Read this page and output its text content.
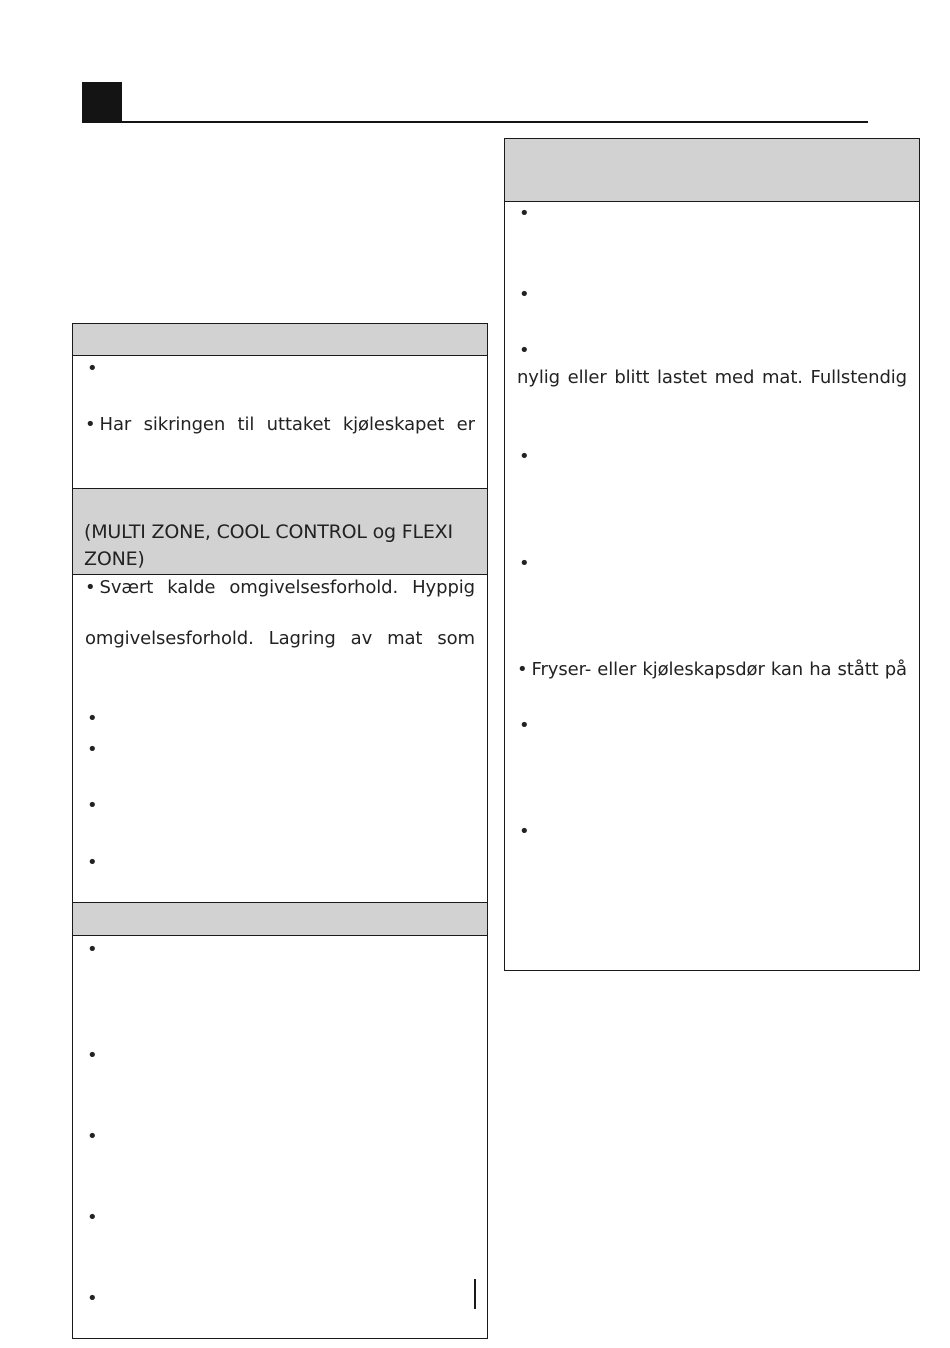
•
• Har sikringen til uttaket kjøleskapet er
(MULTI ZONE, COOL CONTROL og FLEXI ZONE)
• Svært kalde omgivelsesforhold. Hyppig
omgivelsesforhold. Lagring av mat som
•
•
•
•
•
•
•
•
•
•
•
•
nylig eller blitt lastet med mat. Fullstendig
•
•
• Fryser- eller kjøleskapsdør kan ha stått på
•
•
